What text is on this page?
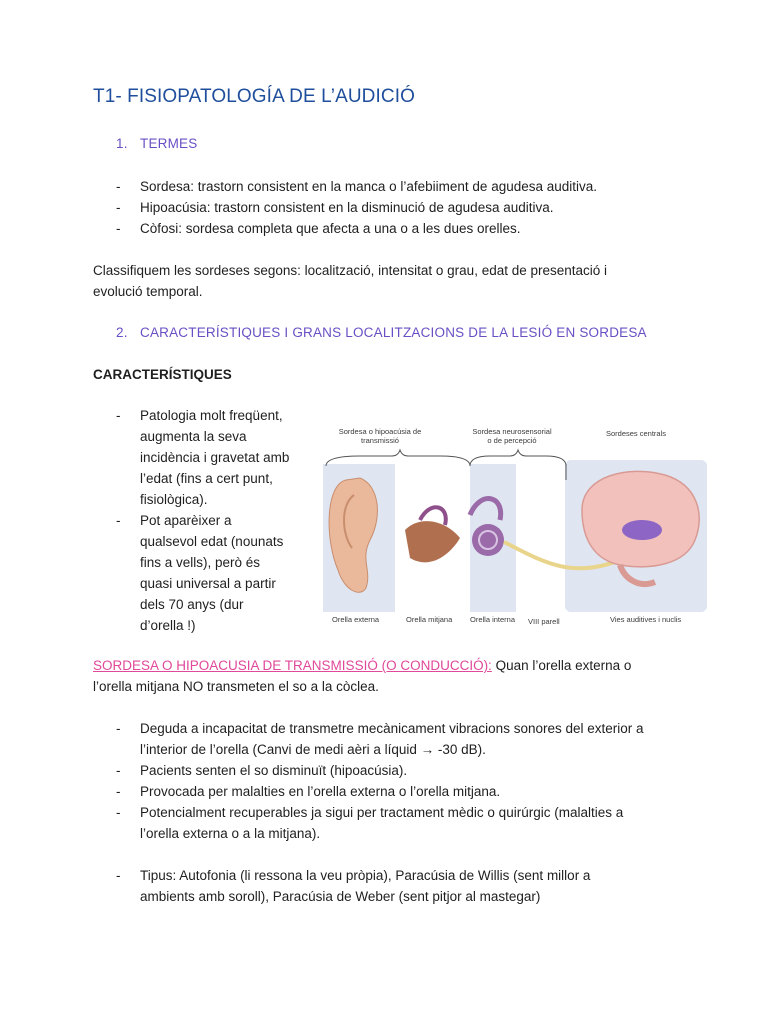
T1- FISIOPATOLOGÍA DE L’AUDICIÓ
1. TERMES
- Sordesa: trastorn consistent en la manca o l’afebiiment de agudesa auditiva.
- Hipoacúsia: trastorn consistent en la disminució de agudesa auditiva.
- Còfosi: sordesa completa que afecta a una o a les dues orelles.

Classifiquem les sordeses segons: localització, intensitat o grau, edat de presentació i
evolució temporal.

2. CARACTERÍSTIQUES I GRANS LOCALITZACIONS DE LA LESIÓ EN SORDESA
CARACTERÍSTIQUES
- Patologia molt freqüent,
augmenta la seva
incidència i gravetat amb
l’edat (fins a cert punt,
fisiològica).
- Pot aparèixer a
qualsevol edat (nounats
fins a vells), però és
quasi universal a partir
dels 70 anys (dur
d’orella !)
Sordesa o hipoacúsia de
transmissió
Sordesa neurosensorial
o de percepció
Sordeses centrals
Orella externa	Orella mitjana Orella interna VIII parell	Vies auditives i nuclis

SORDESA O HIPOACUSIA DE TRANSMISSIÓ (O CONDUCCIÓ): Quan l’orella externa o
l’orella mitjana NO transmeten el so a la còclea.

- Deguda a incapacitat de transmetre mecànicament vibracions sonores del exterior a
l’interior de l’orella (Canvi de medi aèri a líquid → -30 dB).
- Pacients senten el so disminuït (hipoacúsia).
- Provocada per malalties en l’orella externa o l’orella mitjana.
- Potencialment recuperables ja sigui per tractament mèdic o quirúrgic (malalties a
l’orella externa o a la mitjana).
- Tipus: Autofonia (li ressona la veu pròpia), Paracúsia de Willis (sent millor a
ambients amb soroll), Paracúsia de Weber (sent pitjor al mastegar)
